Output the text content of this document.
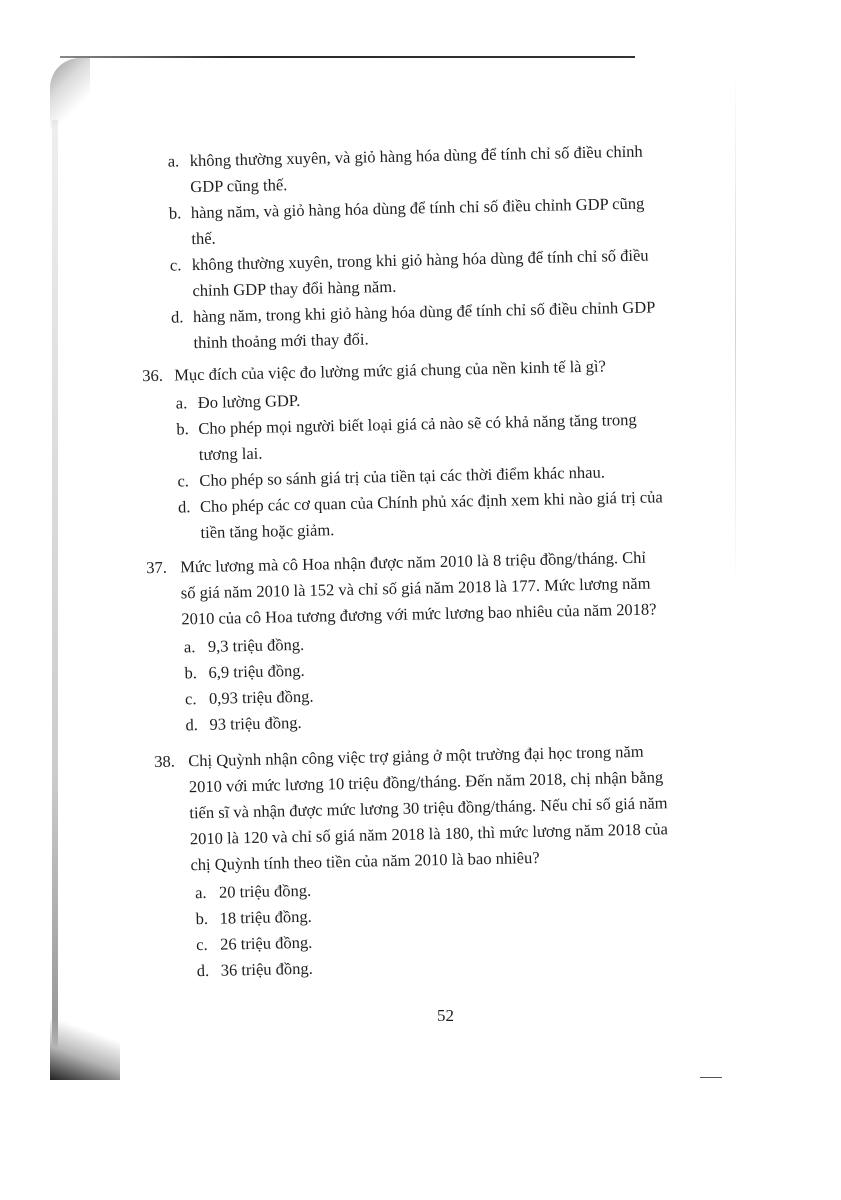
a. không thường xuyên, và giỏ hàng hóa dùng để tính chỉ số điều chỉnh
GDP cũng thế.
b. hàng năm, và giỏ hàng hóa dùng để tính chỉ số điều chỉnh GDP cũng
thế.
c. không thường xuyên, trong khi giỏ hàng hóa dùng để tính chỉ số điều
chỉnh GDP thay đổi hàng năm.
d. hàng năm, trong khi giỏ hàng hóa dùng để tính chỉ số điều chỉnh GDP
thỉnh thoảng mới thay đổi.
36. Mục đích của việc đo lường mức giá chung của nền kinh tế là gì?
a. Đo lường GDP.
b. Cho phép mọi người biết loại giá cả nào sẽ có khả năng tăng trong
tương lai.
c. Cho phép so sánh giá trị của tiền tại các thời điểm khác nhau.
d. Cho phép các cơ quan của Chính phủ xác định xem khi nào giá trị của
tiền tăng hoặc giảm.
37. Mức lương mà cô Hoa nhận được năm 2010 là 8 triệu đồng/tháng. Chỉ
số giá năm 2010 là 152 và chỉ số giá năm 2018 là 177. Mức lương năm
2010 của cô Hoa tương đương với mức lương bao nhiêu của năm 2018?
a. 9,3 triệu đồng.
b. 6,9 triệu đồng.
c. 0,93 triệu đồng.
d. 93 triệu đồng.
38. Chị Quỳnh nhận công việc trợ giảng ở một trường đại học trong năm
2010 với mức lương 10 triệu đồng/tháng. Đến năm 2018, chị nhận bằng
tiến sĩ và nhận được mức lương 30 triệu đồng/tháng. Nếu chỉ số giá năm
2010 là 120 và chỉ số giá năm 2018 là 180, thì mức lương năm 2018 của
chị Quỳnh tính theo tiền của năm 2010 là bao nhiêu?
a. 20 triệu đồng.
b. 18 triệu đồng.
c. 26 triệu đồng.
d. 36 triệu đồng.
52
